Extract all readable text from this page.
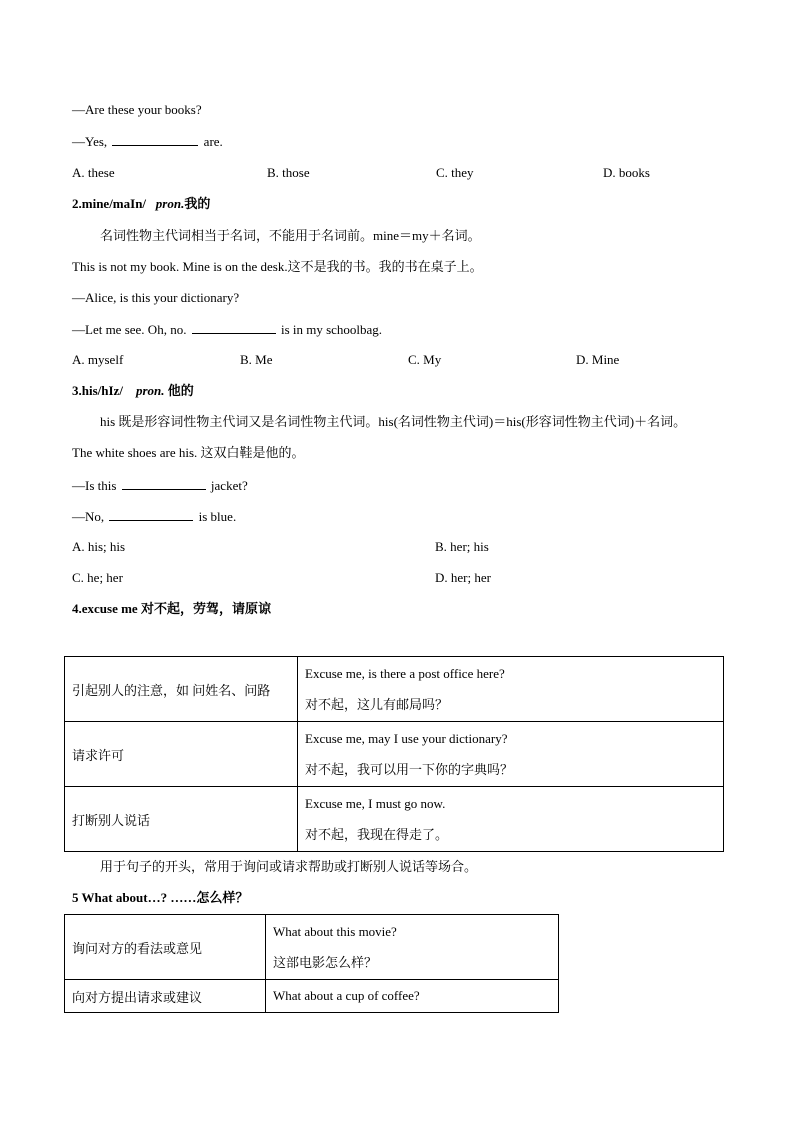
—Are these your books?
—Yes,	are.
A. these	B. those	C. they	D. books
2.mine/maIn/ pron.我的
名词性物主代词相当于名词，不能用于名词前。mine＝my＋名词。
This is not my book. Mine is on the desk.这不是我的书。我的书在桌子上。
—Alice, is this your dictionary?
—Let me see. Oh, no.	is in my schoolbag.
A. myself	B. Me	C. My	D. Mine
3.his/hIz/ pron. 他的
his 既是形容词性物主代词又是名词性物主代词。his(名词性物主代词)＝his(形容词性物主代词)＋名词。
The white shoes are his. 这双白鞋是他的。
—Is this	jacket?
—No,	is blue.
A. his; his	B. her; his
C. he; her	D. her; her
4.excuse me 对不起，劳驾，请原谅
引起别人的注意，如 问姓名、问路	Excuse me, is there a post office here?
对不起，这儿有邮局吗？

请求许可	Excuse me, may I use your dictionary?
对不起，我可以用一下你的字典吗？

打断别人说话	Excuse me, I must go now.
对不起，我现在得走了。
用于句子的开头，常用于询问或请求帮助或打断别人说话等场合。
5 What about…? ……怎么样？
询问对方的看法或意见	What about this movie?
这部电影怎么样？

向对方提出请求或建议	What about a cup of coffee?
